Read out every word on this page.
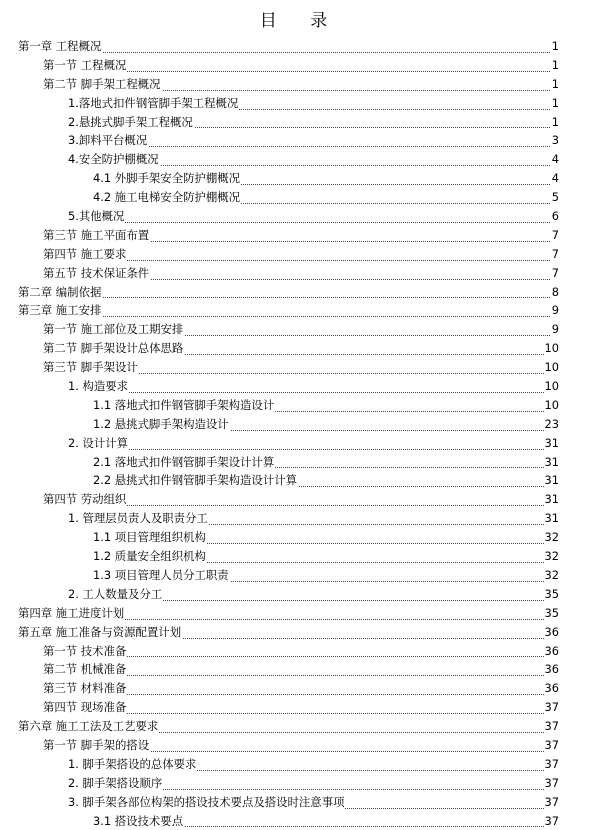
目 录
第一章 工程概况	1
第一节 工程概况	1
第二节 脚手架工程概况	1
1.落地式扣件钢管脚手架工程概况	1
2.悬挑式脚手架工程概况	1
3.卸料平台概况	3
4.安全防护棚概况	4
4.1 外脚手架安全防护棚概况	4
4.2 施工电梯安全防护棚概况	5
5.其他概况	6
第三节 施工平面布置	7
第四节 施工要求	7
第五节 技术保证条件	7
第二章 编制依据	8
第三章 施工安排	9
第一节 施工部位及工期安排	9
第二节 脚手架设计总体思路	10
第三节 脚手架设计	10
1. 构造要求	10
1.1 落地式扣件钢管脚手架构造设计	10
1.2 悬挑式脚手架构造设计	23
2. 设计计算	31
2.1 落地式扣件钢管脚手架设计计算	31
2.2 悬挑式扣件钢管脚手架构造设计计算	31
第四节 劳动组织	31
1. 管理层员责人及职责分工	31
1.1 项目管理组织机构	32
1.2 质量安全组织机构	32
1.3 项目管理人员分工职责	32
2. 工人数量及分工	35
第四章 施工进度计划	35
第五章 施工准备与资源配置计划	36
第一节 技术准备	36
第二节 机械准备	36
第三节 材料准备	36
第四节 现场准备	37
第六章 施工工法及工艺要求	37
第一节 脚手架的搭设	37
1. 脚手架搭设的总体要求	37
2. 脚手架搭设顺序	37
3. 脚手架各部位构架的搭设技术要点及搭设时注意事项	37
3.1 搭设技术要点	37
